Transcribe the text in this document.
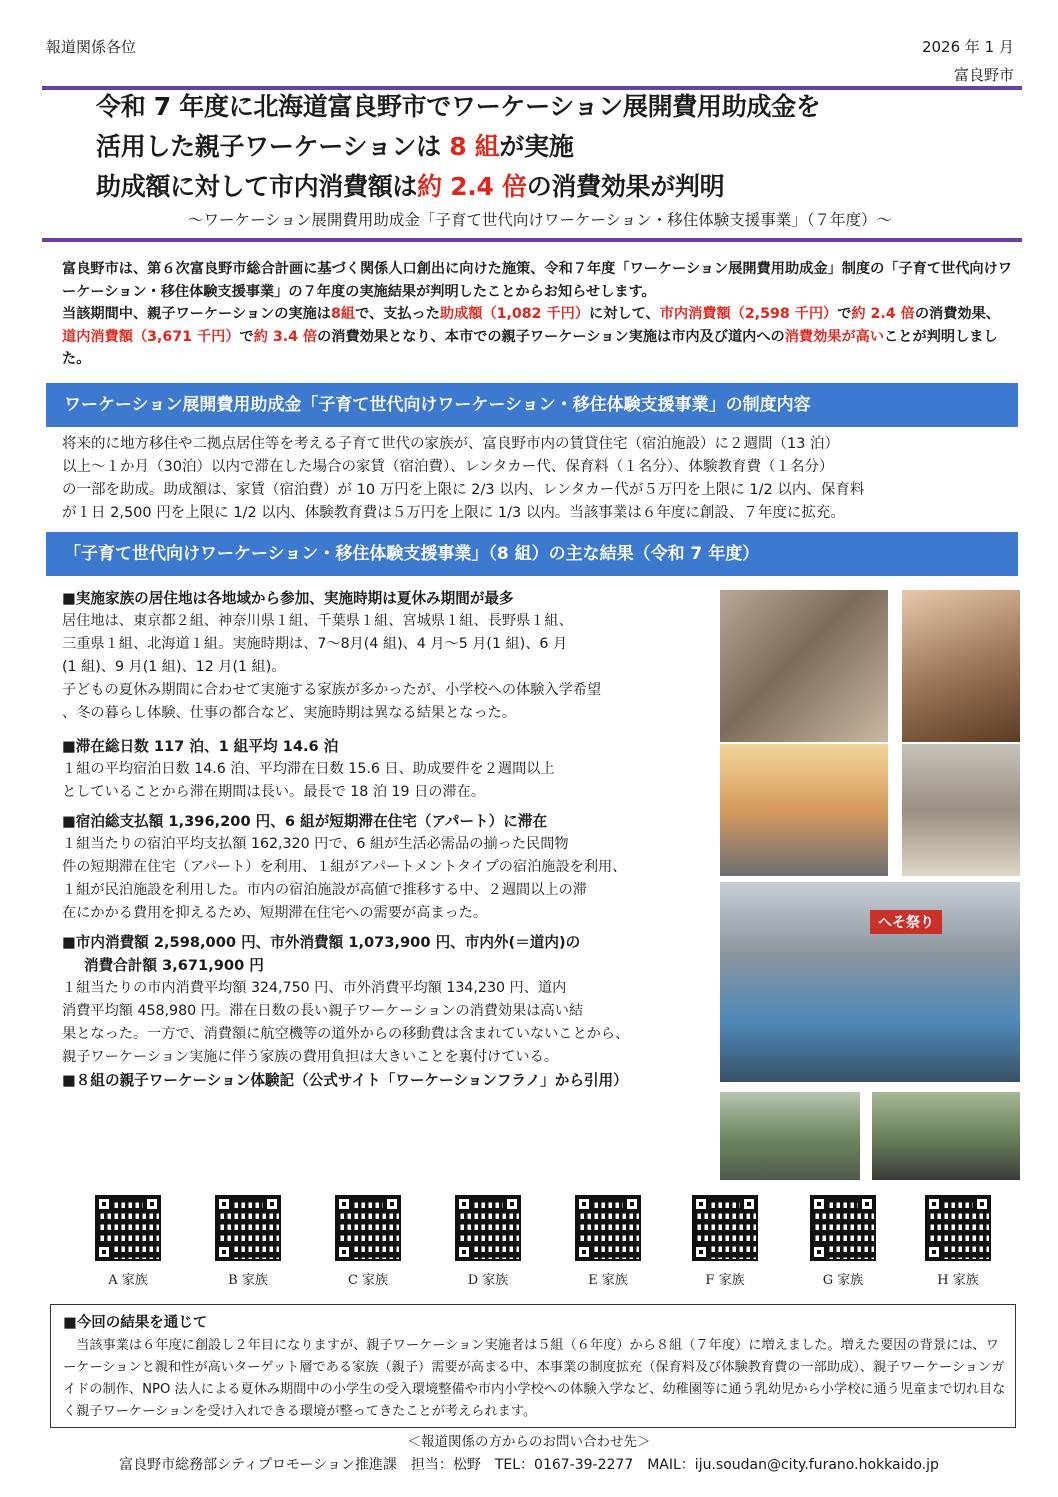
報道関係各位	2026 年 1 月
富良野市
令和 7 年度に北海道富良野市でワーケーション展開費用助成金を
活用した親子ワーケーションは 8 組が実施
助成額に対して市内消費額は約 2.4 倍の消費効果が判明
～ワーケーション展開費用助成金「子育て世代向けワーケーション・移住体験支援事業」（７年度）～
富良野市は、第６次富良野市総合計画に基づく関係人口創出に向けた施策、令和７年度「ワーケーション展開費用助成金」制度の「子育て世代向けワーケーション・移住体験支援事業」の７年度の実施結果が判明したことからお知らせします。
当該期間中、親子ワーケーションの実施は8組で、支払った助成額（1,082 千円）に対して、市内消費額（2,598 千円）で約 2.4 倍の消費効果、道内消費額（3,671 千円）で約 3.4 倍の消費効果となり、本市での親子ワーケーション実施は市内及び道内への消費効果が高いことが判明しました。
ワーケーション展開費用助成金「子育て世代向けワーケーション・移住体験支援事業」の制度内容
将来的に地方移住や二拠点居住等を考える子育て世代の家族が、富良野市内の賃貸住宅（宿泊施設）に２週間（13 泊）
以上～１か月（30泊）以内で滞在した場合の家賃（宿泊費）、レンタカー代、保育料（１名分）、体験教育費（１名分）
の一部を助成。助成額は、家賃（宿泊費）が 10 万円を上限に 2/3 以内、レンタカー代が５万円を上限に 1/2 以内、保育料
が１日 2,500 円を上限に 1/2 以内、体験教育費は５万円を上限に 1/3 以内。当該事業は６年度に創設、７年度に拡充。
「子育て世代向けワーケーション・移住体験支援事業」（8 組）の主な結果（令和 7 年度）
■実施家族の居住地は各地域から参加、実施時期は夏休み期間が最多
居住地は、東京都２組、神奈川県１組、千葉県１組、宮城県１組、長野県１組、
三重県１組、北海道１組。実施時期は、7～8月(4 組)、4 月～5 月(1 組)、6 月
(1 組)、9 月(1 組)、12 月(1 組)。
子どもの夏休み期間に合わせて実施する家族が多かったが、小学校への体験入学希望
、冬の暮らし体験、仕事の都合など、実施時期は異なる結果となった。
■滞在総日数 117 泊、1 組平均 14.6 泊
１組の平均宿泊日数 14.6 泊、平均滞在日数 15.6 日、助成要件を２週間以上
としていることから滞在期間は長い。最長で 18 泊 19 日の滞在。
■宿泊総支払額 1,396,200 円、6 組が短期滞在住宅（アパート）に滞在
１組当たりの宿泊平均支払額 162,320 円で、6 組が生活必需品の揃った民間物
件の短期滞在住宅（アパート）を利用、１組がアパートメントタイプの宿泊施設を利用、
１組が民泊施設を利用した。市内の宿泊施設が高値で推移する中、２週間以上の滞
在にかかる費用を抑えるため、短期滞在住宅への需要が高まった。
■市内消費額 2,598,000 円、市外消費額 1,073,900 円、市内外(＝道内)の
消費合計額 3,671,900 円
１組当たりの市内消費平均額 324,750 円、市外消費平均額 134,230 円、道内
消費平均額 458,980 円。滞在日数の長い親子ワーケーションの消費効果は高い結
果となった。一方で、消費額に航空機等の道外からの移動費は含まれていないことから、
親子ワーケーション実施に伴う家族の費用負担は大きいことを裏付けている。
■８組の親子ワーケーション体験記（公式サイト「ワーケーションフラノ」から引用）
へそ祭り
A 家族	B 家族	C 家族	D 家族	E 家族	F 家族	G 家族	H 家族
■今回の結果を通じて
　当該事業は６年度に創設し２年目になりますが、親子ワーケーション実施者は５組（６年度）から８組（７年度）に増えました。増えた要因の背景には、ワーケーションと親和性が高いターゲット層である家族（親子）需要が高まる中、本事業の制度拡充（保育料及び体験教育費の一部助成）、親子ワーケーションガイドの制作、NPO 法人による夏休み期間中の小学生の受入環境整備や市内小学校への体験入学など、幼稚園等に通う乳幼児から小学校に通う児童まで切れ目なく親子ワーケーションを受け入れできる環境が整ってきたことが考えられます。
＜報道関係の方からのお問い合わせ先＞
富良野市総務部シティプロモーション推進課　担当：松野　TEL：0167-39-2277　MAIL：iju.soudan@city.furano.hokkaido.jp
